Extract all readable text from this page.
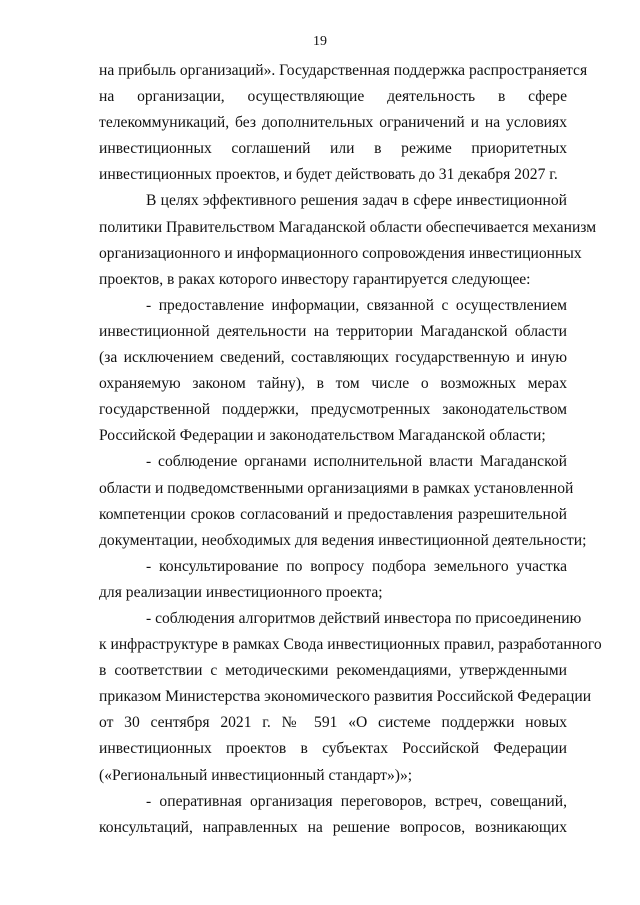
19

на прибыль организаций». Государственная поддержка распространяется
на организации, осуществляющие деятельность в сфере
телекоммуникаций, без дополнительных ограничений и на условиях
инвестиционных соглашений или в режиме приоритетных
инвестиционных проектов, и будет действовать до 31 декабря 2027 г.

В целях эффективного решения задач в сфере инвестиционной
политики Правительством Магаданской области обеспечивается механизм
организационного и информационного сопровождения инвестиционных
проектов, в раках которого инвестору гарантируется следующее:

- предоставление информации, связанной с осуществлением
инвестиционной деятельности на территории Магаданской области
(за исключением сведений, составляющих государственную и иную
охраняемую законом тайну), в том числе о возможных мерах
государственной поддержки, предусмотренных законодательством
Российской Федерации и законодательством Магаданской области;

- соблюдение органами исполнительной власти Магаданской
области и подведомственными организациями в рамках установленной
компетенции сроков согласований и предоставления разрешительной
документации, необходимых для ведения инвестиционной деятельности;

- консультирование по вопросу подбора земельного участка
для реализации инвестиционного проекта;

- соблюдения алгоритмов действий инвестора по присоединению
к инфраструктуре в рамках Свода инвестиционных правил, разработанного
в соответствии с методическими рекомендациями, утвержденными
приказом Министерства экономического развития Российской Федерации
от 30 сентября 2021 г. № 591 «О системе поддержки новых
инвестиционных проектов в субъектах Российской Федерации
(«Региональный инвестиционный стандарт»)»;

- оперативная организация переговоров, встреч, совещаний,
консультаций, направленных на решение вопросов, возникающих
